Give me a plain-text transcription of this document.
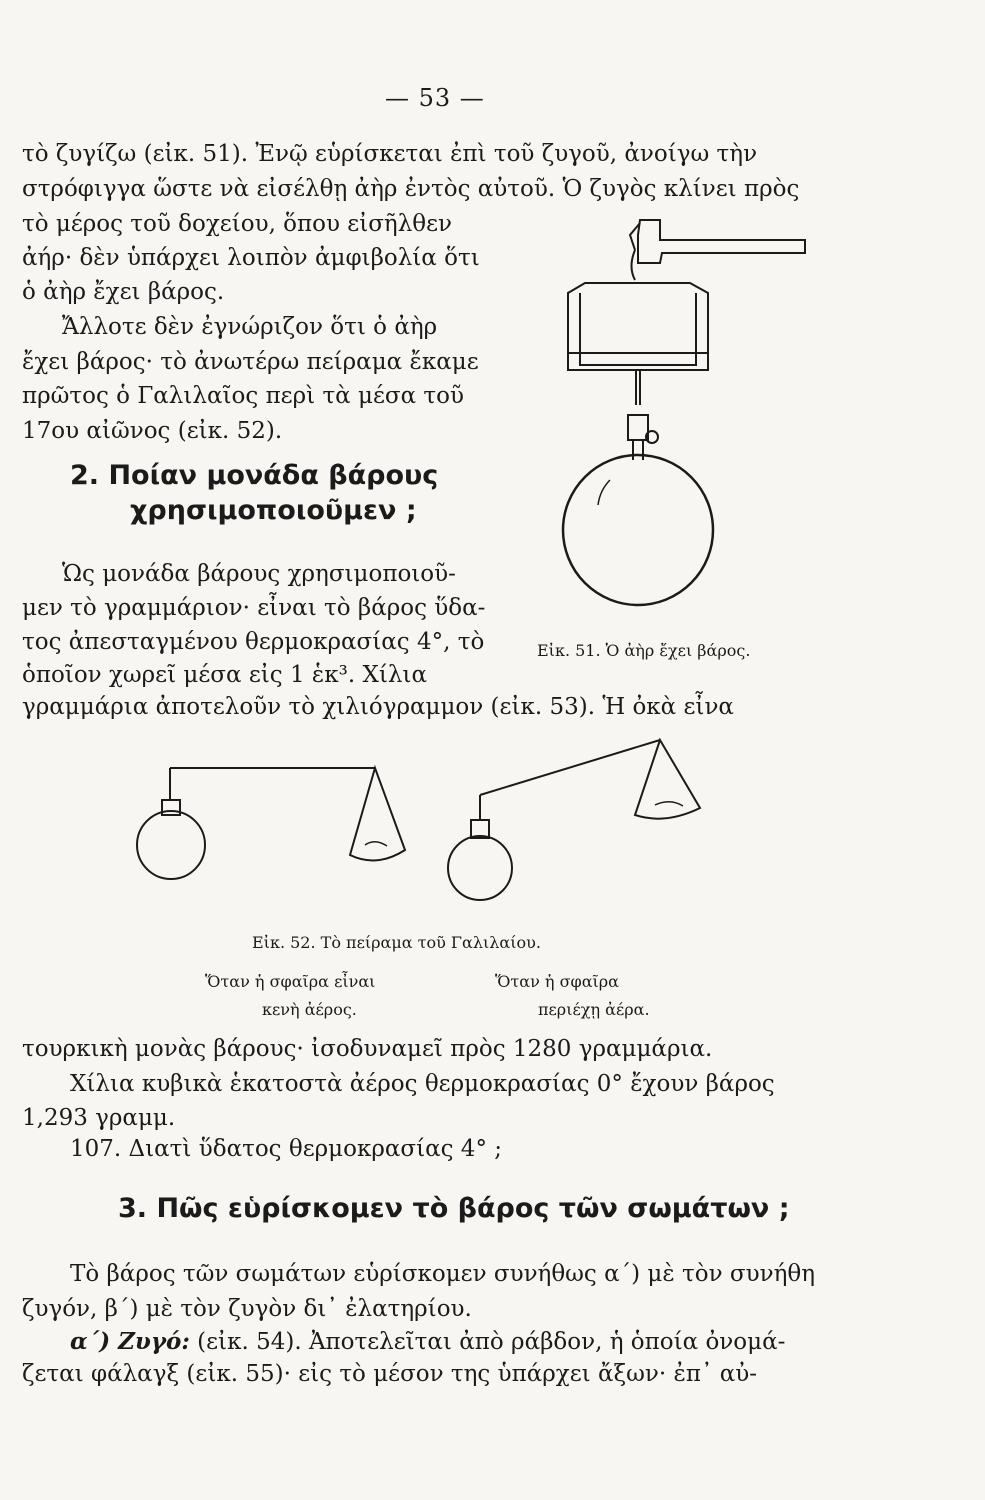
— 53 —
τὸ ζυγίζω (εἰκ. 51). Ἐνῷ εὑρίσκεται ἐπὶ τοῦ ζυγοῦ, ἀνοίγω τὴν
στρόφιγγα ὥστε νὰ εἰσέλθῃ ἀὴρ ἐντὸς αὐτοῦ. Ὁ ζυγὸς κλίνει πρὸς
τὸ μέρος τοῦ δοχείου, ὅπου εἰσῆλθεν
ἀήρ· δὲν ὑπάρχει λοιπὸν ἀμφιβολία ὅτι
ὁ ἀὴρ ἔχει βάρος.
Ἄλλοτε δὲν ἐγνώριζον ὅτι ὁ ἀὴρ
ἔχει βάρος· τὸ ἀνωτέρω πείραμα ἔκαμε
πρῶτος ὁ Γαλιλαῖος περὶ τὰ μέσα τοῦ
17ου αἰῶνος (εἰκ. 52).
2. Ποίαν μονάδα βάρους
χρησιμοποιοῦμεν ;
Ὡς μονάδα βάρους χρησιμοποιοῦ-
μεν τὸ γραμμάριον· εἶναι τὸ βάρος ὕδα-
τος ἀπεσταγμένου θερμοκρασίας 4°, τὸ
ὁποῖον χωρεῖ μέσα εἰς 1 ἑκ³. Χίλια
γραμμάρια ἀποτελοῦν τὸ χιλιόγραμμον (εἰκ. 53). Ἡ ὀκὰ εἶνα
Εἰκ. 51. Ὁ ἀὴρ ἔχει βάρος.
Εἰκ. 52. Τὸ πείραμα τοῦ Γαλιλαίου.
Ὅταν ἡ σφαῖρα εἶναι
κενὴ ἀέρος.
Ὅταν ἡ σφαῖρα
περιέχῃ ἀέρα.
τουρκικὴ μονὰς βάρους· ἰσοδυναμεῖ πρὸς 1280 γραμμάρια.
Χίλια κυβικὰ ἑκατοστὰ ἀέρος θερμοκρασίας 0° ἔχουν βάρος
1,293 γραμμ.
107. Διατὶ ὕδατος θερμοκρασίας 4° ;
3. Πῶς εὑρίσκομεν τὸ βάρος τῶν σωμάτων ;
Τὸ βάρος τῶν σωμάτων εὑρίσκομεν συνήθως α΄) μὲ τὸν συνήθη
ζυγόν, β΄) μὲ τὸν ζυγὸν δι᾽ ἐλατηρίου.
α΄) Ζυγό: (εἰκ. 54). Ἀποτελεῖται ἀπὸ ράβδον, ἡ ὁποία ὀνομά-
ζεται φάλαγξ (εἰκ. 55)· εἰς τὸ μέσον της ὑπάρχει ἄξων· ἐπ᾽ αὐ-
